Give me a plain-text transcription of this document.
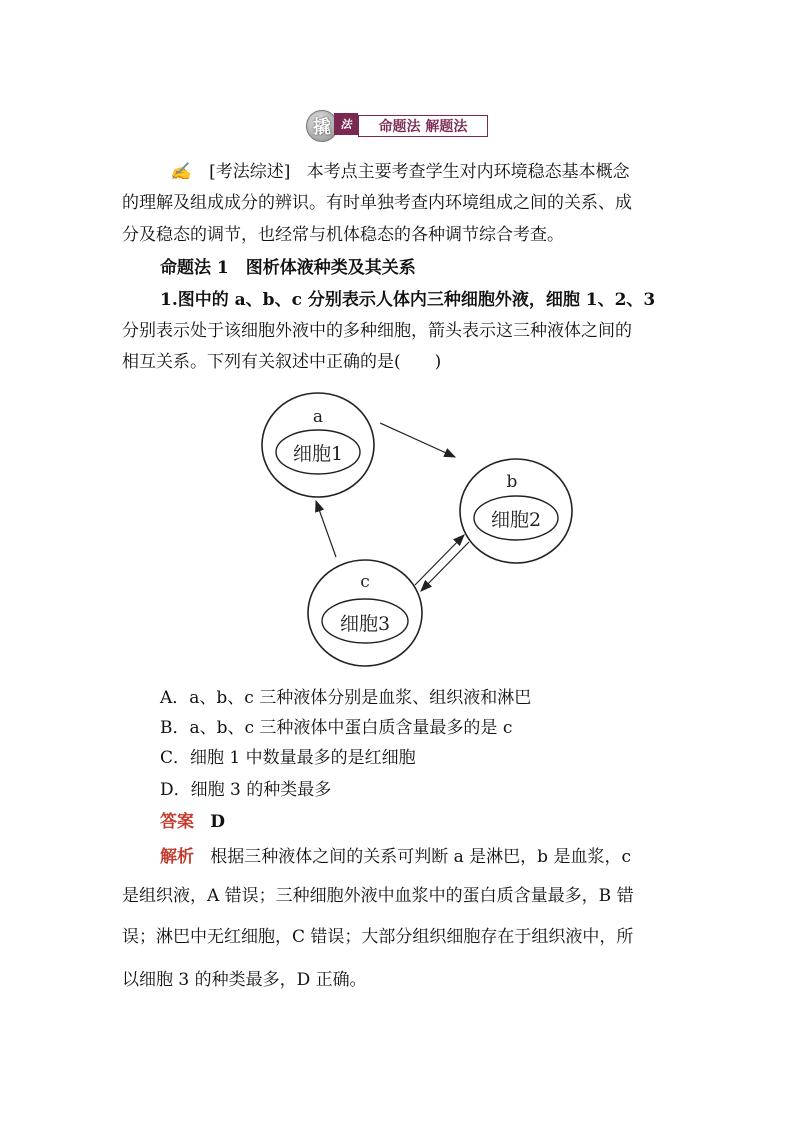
撬 法	命题法 解题法
✍ [考法综述] 本考点主要考查学生对内环境稳态基本概念
的理解及组成成分的辨识。有时单独考查内环境组成之间的关系、成
分及稳态的调节，也经常与机体稳态的各种调节综合考查。
命题法 1　图析体液种类及其关系
1.图中的 a、b、c 分别表示人体内三种细胞外液，细胞 1、2、3
分别表示处于该细胞外液中的多种细胞，箭头表示这三种液体之间的
相互关系。下列有关叙述中正确的是(　　)
a
细胞1
b
细胞2
c
细胞3
A．a、b、c 三种液体分别是血浆、组织液和淋巴
B．a、b、c 三种液体中蛋白质含量最多的是 c
C．细胞 1 中数量最多的是红细胞
D．细胞 3 的种类最多
答案 D
解析 根据三种液体之间的关系可判断 a 是淋巴，b 是血浆，c
是组织液，A 错误；三种细胞外液中血浆中的蛋白质含量最多，B 错
误；淋巴中无红细胞，C 错误；大部分组织细胞存在于组织液中，所
以细胞 3 的种类最多，D 正确。
